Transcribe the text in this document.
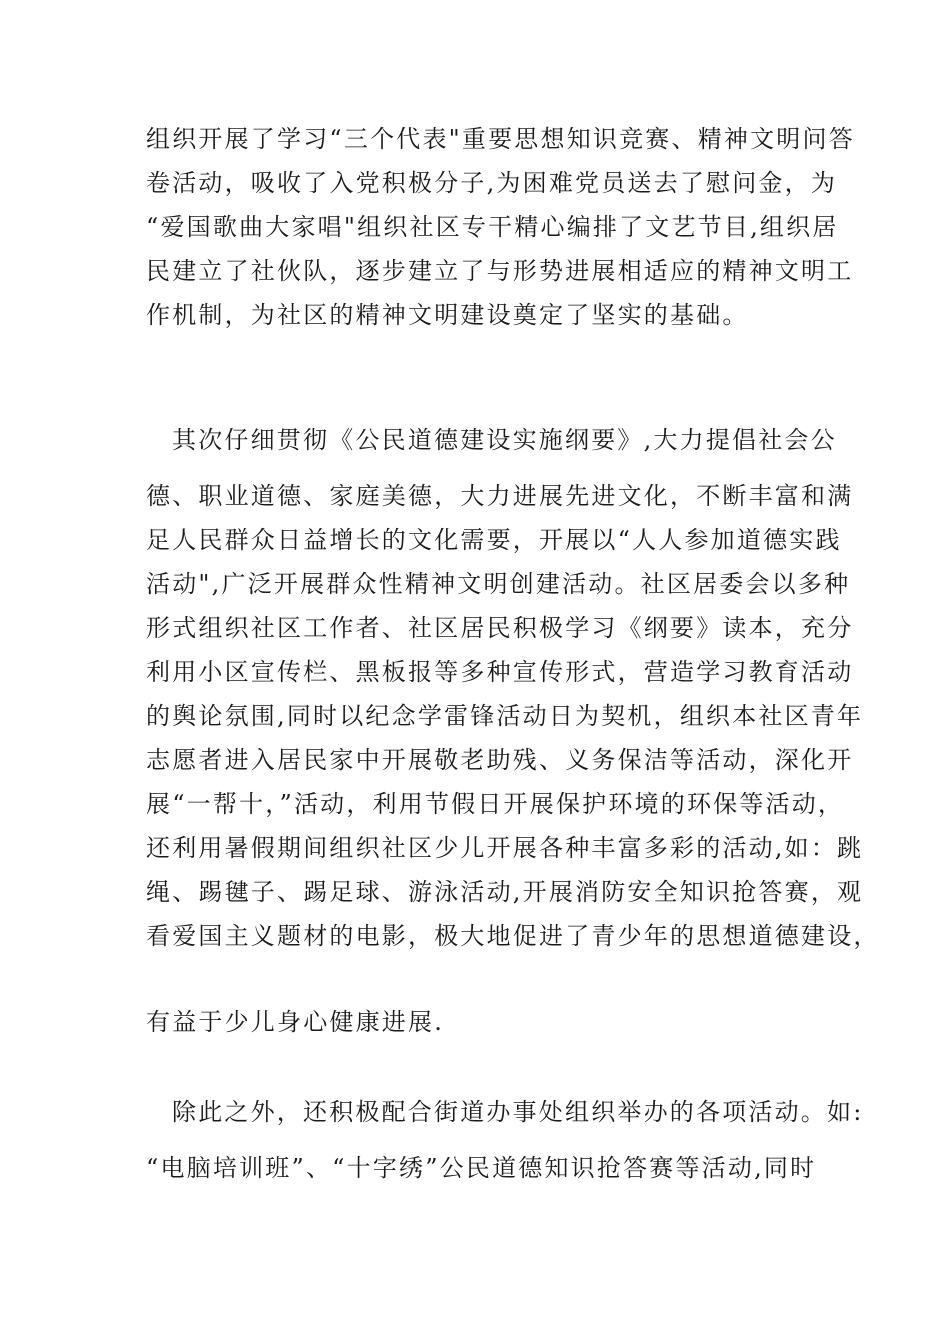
组织开展了学习“三个代表"重要思想知识竞赛、精神文明问答
卷活动，吸收了入党积极分子,为困难党员送去了慰问金，为
“爱国歌曲大家唱"组织社区专干精心编排了文艺节目,组织居
民建立了社伙队，逐步建立了与形势进展相适应的精神文明工
作机制，为社区的精神文明建设奠定了坚实的基础。
其次仔细贯彻《公民道德建设实施纲要》,大力提倡社会公
德、职业道德、家庭美德，大力进展先进文化，不断丰富和满
足人民群众日益增长的文化需要，开展以“人人参加道德实践
活动",广泛开展群众性精神文明创建活动。社区居委会以多种
形式组织社区工作者、社区居民积极学习《纲要》读本，充分
利用小区宣传栏、黑板报等多种宣传形式，营造学习教育活动
的舆论氛围,同时以纪念学雷锋活动日为契机，组织本社区青年
志愿者进入居民家中开展敬老助残、义务保洁等活动，深化开
展“一帮十，”活动，利用节假日开展保护环境的环保等活动，
还利用暑假期间组织社区少儿开展各种丰富多彩的活动,如：跳
绳、踢毽子、踢足球、游泳活动,开展消防安全知识抢答赛，观
看爱国主义题材的电影，极大地促进了青少年的思想道德建设，
有益于少儿身心健康进展.
除此之外，还积极配合街道办事处组织举办的各项活动。如:
“电脑培训班”、“十字绣”公民道德知识抢答赛等活动,同时
